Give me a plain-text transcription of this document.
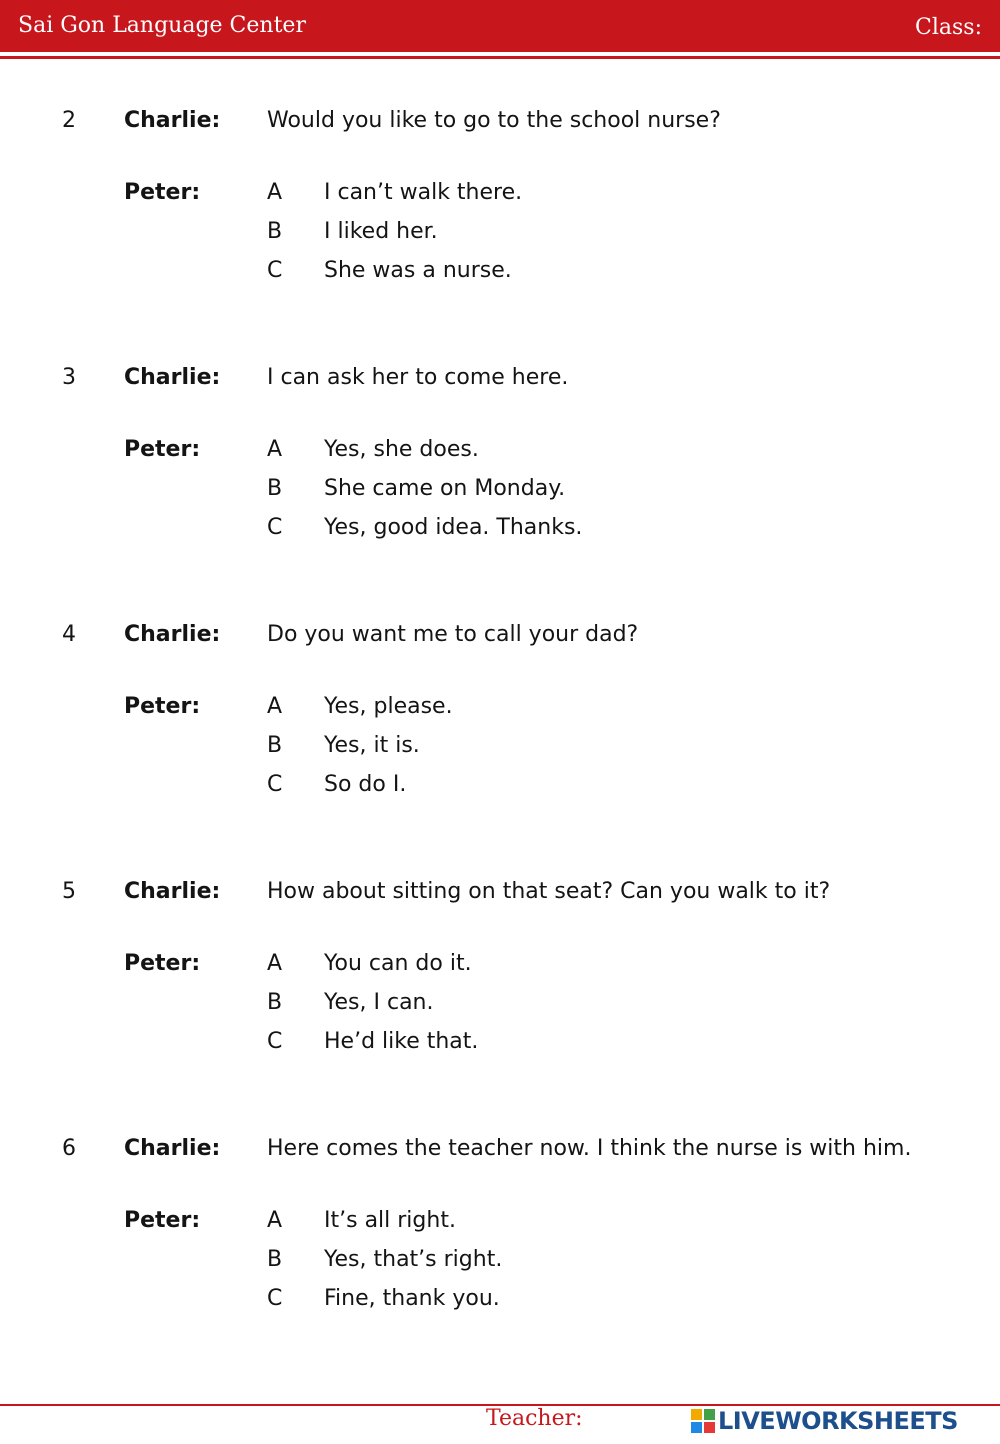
Sai Gon Language Center	Class:

2 Charlie: Would you like to go to the school nurse?
Peter:	A I can’t walk there.
B I liked her.
C She was a nurse.
3 Charlie: I can ask her to come here.
Peter:	A Yes, she does.
B She came on Monday.
C Yes, good idea. Thanks.
4 Charlie: Do you want me to call your dad?
Peter:	A Yes, please.
B Yes, it is.
C So do I.
5 Charlie: How about sitting on that seat? Can you walk to it?
Peter:	A You can do it.
B Yes, I can.
C He’d like that.
6 Charlie: Here comes the teacher now. I think the nurse is with him.
Peter:	A It’s all right.
B Yes, that’s right.
C Fine, thank you.
Teacher:	LIVEWORKSHEETS
